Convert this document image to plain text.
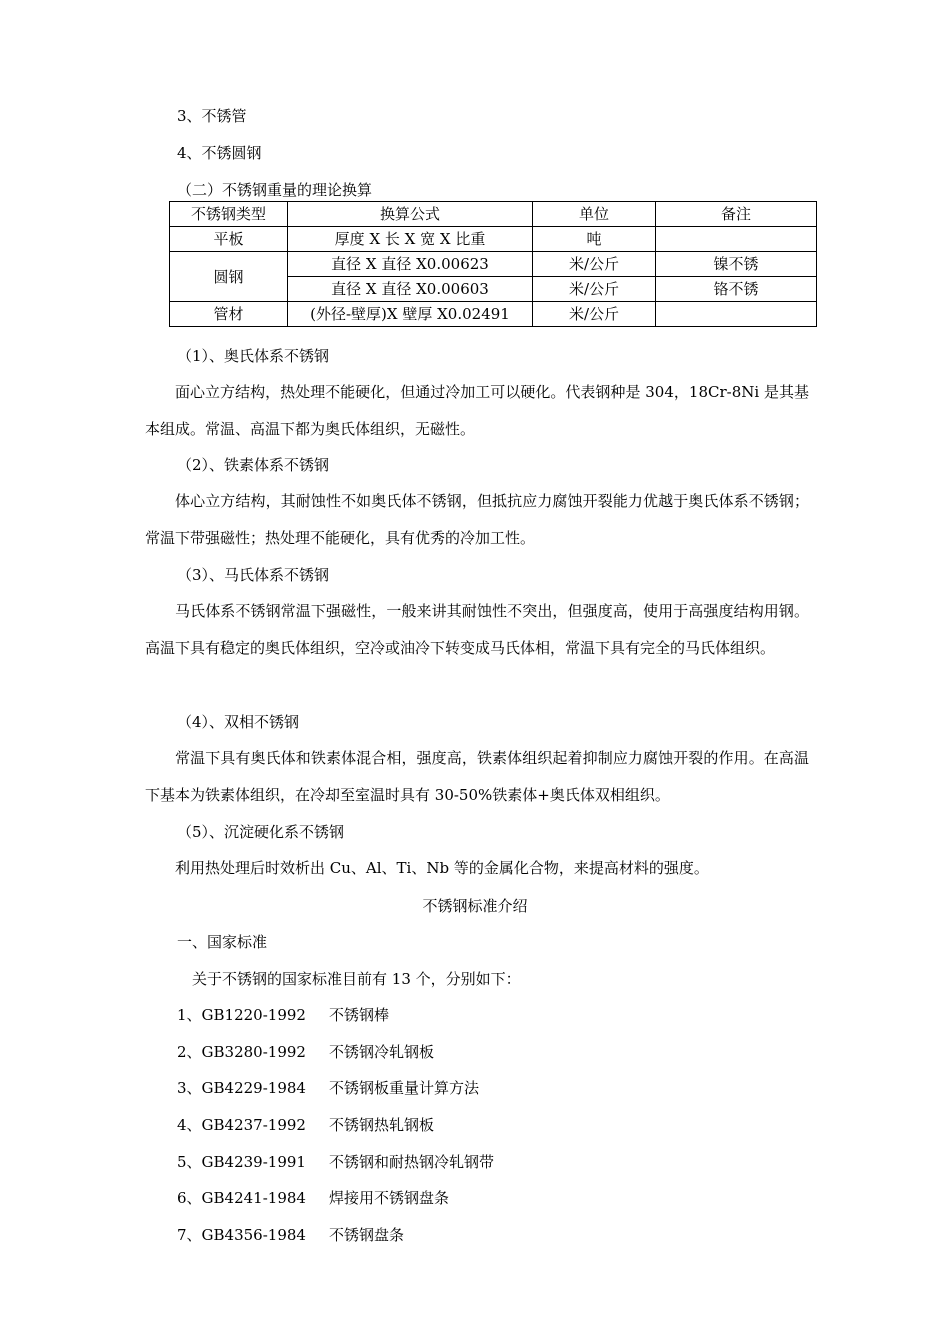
3、不锈管
4、不锈圆钢
（二）不锈钢重量的理论换算
不锈钢类型	换算公式	单位	备注
平板	厚度 X 长 X 宽 X 比重	吨	
圆钢	直径 X 直径 X0.00623	米/公斤	镍不锈
	直径 X 直径 X0.00603	米/公斤	铬不锈
管材	(外径-壁厚)X 壁厚 X0.02491	米/公斤	
（1）、奥氏体系不锈钢
面心立方结构，热处理不能硬化，但通过冷加工可以硬化。代表钢种是 304，18Cr-8Ni 是其基本组成。常温、高温下都为奥氏体组织，无磁性。
（2）、铁素体系不锈钢
体心立方结构，其耐蚀性不如奥氏体不锈钢，但抵抗应力腐蚀开裂能力优越于奥氏体系不锈钢；常温下带强磁性；热处理不能硬化，具有优秀的冷加工性。
（3）、马氏体系不锈钢
马氏体系不锈钢常温下强磁性，一般来讲其耐蚀性不突出，但强度高，使用于高强度结构用钢。高温下具有稳定的奥氏体组织，空冷或油冷下转变成马氏体相，常温下具有完全的马氏体组织。
（4）、双相不锈钢
常温下具有奥氏体和铁素体混合相，强度高，铁素体组织起着抑制应力腐蚀开裂的作用。在高温下基本为铁素体组织，在冷却至室温时具有 30-50%铁素体+奥氏体双相组织。
（5）、沉淀硬化系不锈钢
利用热处理后时效析出 Cu、Al、Ti、Nb 等的金属化合物，来提高材料的强度。
不锈钢标准介绍
一、国家标准
关于不锈钢的国家标准目前有 13 个，分别如下：
1、GB1220-1992 不锈钢棒
2、GB3280-1992 不锈钢冷轧钢板
3、GB4229-1984 不锈钢板重量计算方法
4、GB4237-1992 不锈钢热轧钢板
5、GB4239-1991 不锈钢和耐热钢冷轧钢带
6、GB4241-1984 焊接用不锈钢盘条
7、GB4356-1984 不锈钢盘条
